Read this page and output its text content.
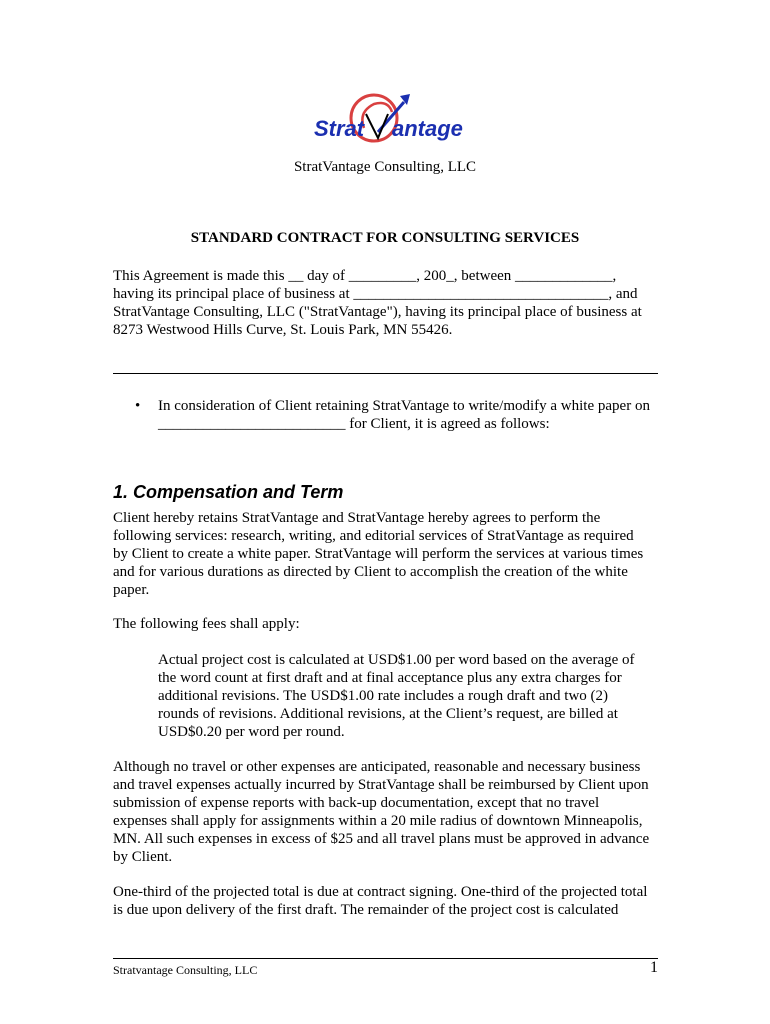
Strat antage
StratVantage Consulting, LLC
STANDARD CONTRACT FOR CONSULTING SERVICES
This Agreement is made this __ day of _________, 200_, between _____________,
having its principal place of business at __________________________________, and
StratVantage Consulting, LLC ("StratVantage"), having its principal place of business at
8273 Westwood Hills Curve, St. Louis Park, MN 55426.
• In consideration of Client retaining StratVantage to write/modify a white paper on
_________________________ for Client, it is agreed as follows:
1. Compensation and Term
Client hereby retains StratVantage and StratVantage hereby agrees to perform the
following services: research, writing, and editorial services of StratVantage as required
by Client to create a white paper. StratVantage will perform the services at various times
and for various durations as directed by Client to accomplish the creation of the white
paper.
The following fees shall apply:
Actual project cost is calculated at USD$1.00 per word based on the average of
the word count at first draft and at final acceptance plus any extra charges for
additional revisions. The USD$1.00 rate includes a rough draft and two (2)
rounds of revisions. Additional revisions, at the Client’s request, are billed at
USD$0.20 per word per round.
Although no travel or other expenses are anticipated, reasonable and necessary business
and travel expenses actually incurred by StratVantage shall be reimbursed by Client upon
submission of expense reports with back-up documentation, except that no travel
expenses shall apply for assignments within a 20 mile radius of downtown Minneapolis,
MN. All such expenses in excess of $25 and all travel plans must be approved in advance
by Client.
One-third of the projected total is due at contract signing. One-third of the projected total
is due upon delivery of the first draft. The remainder of the project cost is calculated
Stratvantage Consulting, LLC	1
